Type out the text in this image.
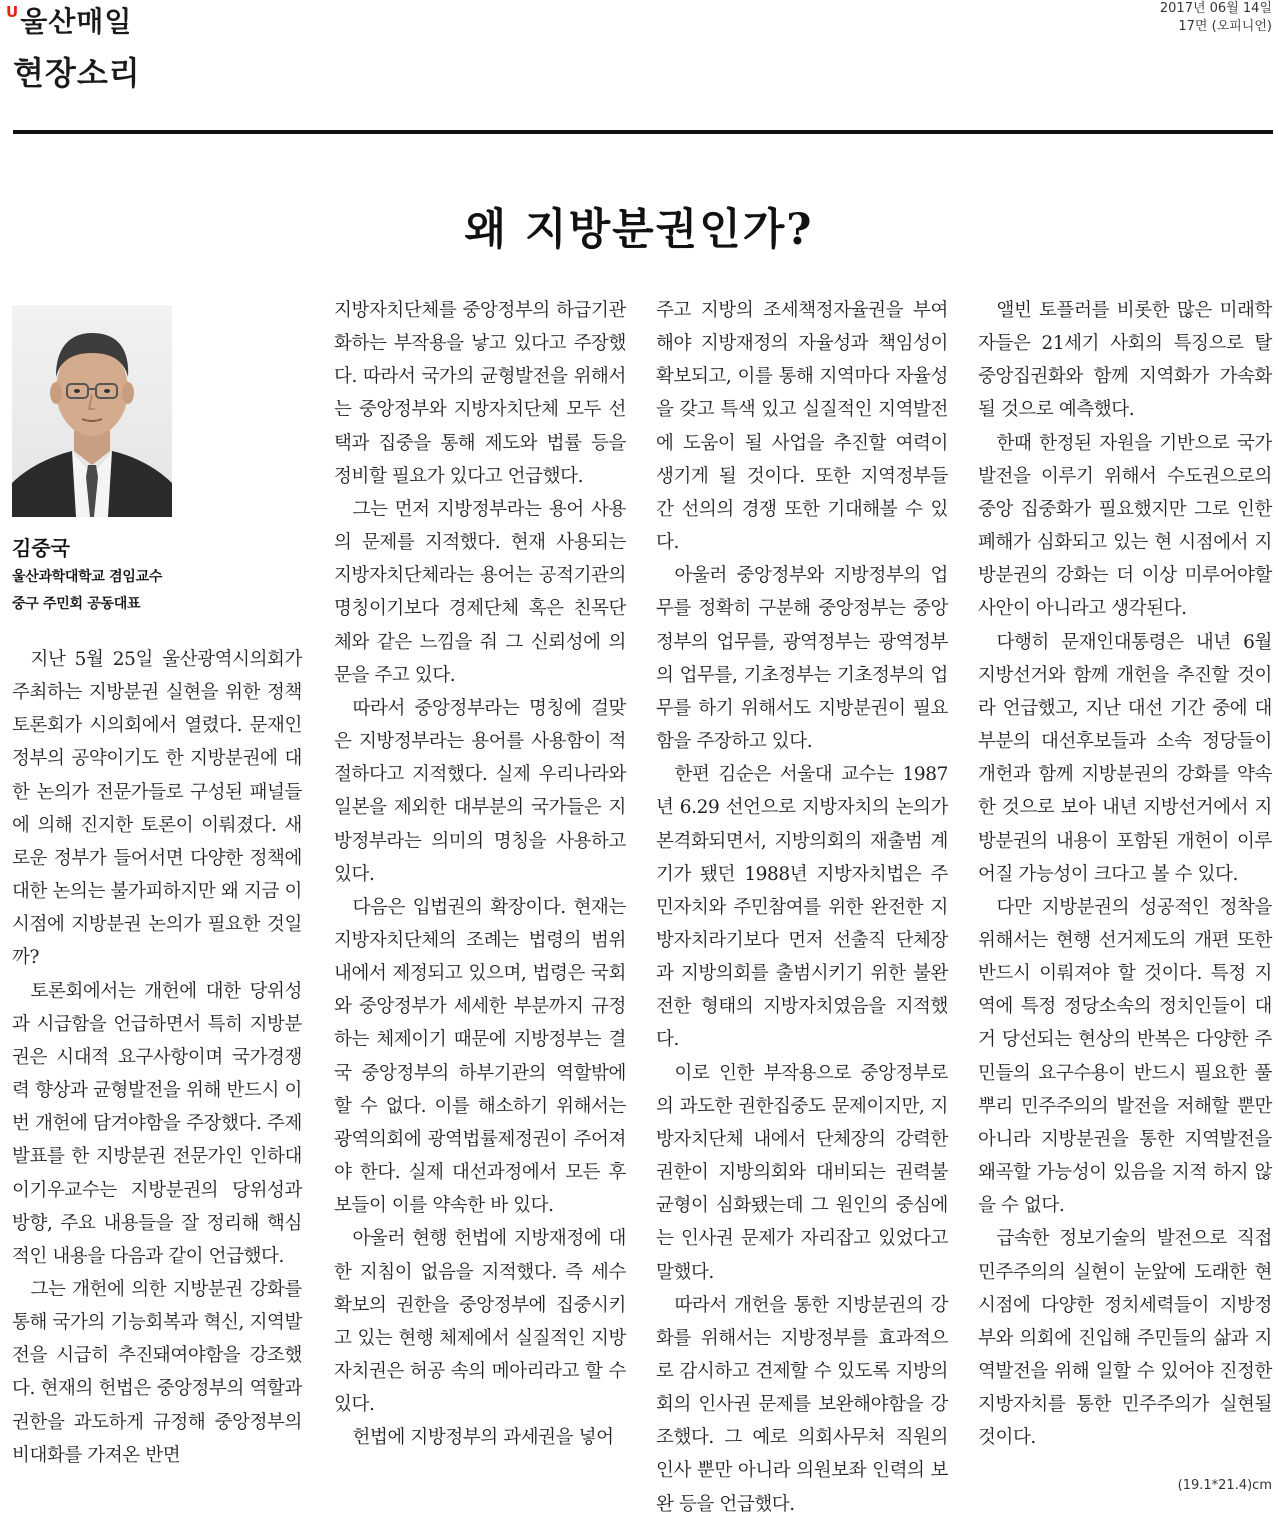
U 울산매일
현장소리
2017년 06월 14일
17면 (오피니언)
왜 지방분권인가?
김중국
울산과학대학교 겸임교수
중구 주민회 공동대표

지난 5월 25일 울산광역시의회가 주최하는 지방분권 실현을 위한 정책토론회가 시의회에서 열렸다. 문재인 정부의 공약이기도 한 지방분권에 대한 논의가 전문가들로 구성된 패널들에 의해 진지한 토론이 이뤄졌다. 새로운 정부가 들어서면 다양한 정책에 대한 논의는 불가피하지만 왜 지금 이 시점에 지방분권 논의가 필요한 것일까?

토론회에서는 개헌에 대한 당위성과 시급함을 언급하면서 특히 지방분권은 시대적 요구사항이며 국가경쟁력 향상과 균형발전을 위해 반드시 이번 개헌에 담겨야함을 주장했다. 주제발표를 한 지방분권 전문가인 인하대 이기우교수는 지방분권의 당위성과 방향, 주요 내용들을 잘 정리해 핵심적인 내용을 다음과 같이 언급했다.

그는 개헌에 의한 지방분권 강화를 통해 국가의 기능회복과 혁신, 지역발전을 시급히 추진돼여야함을 강조했다. 현재의 헌법은 중앙정부의 역할과 권한을 과도하게 규정해 중앙정부의 비대화를 가져온 반면

지방자치단체를 중앙정부의 하급기관화하는 부작용을 낳고 있다고 주장했다. 따라서 국가의 균형발전을 위해서는 중앙정부와 지방자치단체 모두 선택과 집중을 통해 제도와 법률 등을 정비할 필요가 있다고 언급했다.

그는 먼저 지방정부라는 용어 사용의 문제를 지적했다. 현재 사용되는 지방자치단체라는 용어는 공적기관의 명칭이기보다 경제단체 혹은 친목단체와 같은 느낌을 줘 그 신뢰성에 의문을 주고 있다.

따라서 중앙정부라는 명칭에 걸맞은 지방정부라는 용어를 사용함이 적절하다고 지적했다. 실제 우리나라와 일본을 제외한 대부분의 국가들은 지방정부라는 의미의 명칭을 사용하고 있다.

다음은 입법권의 확장이다. 현재는 지방자치단체의 조례는 법령의 범위 내에서 제정되고 있으며, 법령은 국회와 중앙정부가 세세한 부분까지 규정하는 체제이기 때문에 지방정부는 결국 중앙정부의 하부기관의 역할밖에 할 수 없다. 이를 해소하기 위해서는 광역의회에 광역법률제정권이 주어져야 한다. 실제 대선과정에서 모든 후보들이 이를 약속한 바 있다.

아울러 현행 헌법에 지방재정에 대한 지침이 없음을 지적했다. 즉 세수확보의 권한을 중앙정부에 집중시키고 있는 현행 체제에서 실질적인 지방자치권은 허공 속의 메아리라고 할 수 있다.

헌법에 지방정부의 과세권을 넣어

주고 지방의 조세책정자율권을 부여해야 지방재정의 자율성과 책임성이 확보되고, 이를 통해 지역마다 자율성을 갖고 특색 있고 실질적인 지역발전에 도움이 될 사업을 추진할 여력이 생기게 될 것이다. 또한 지역정부들 간 선의의 경쟁 또한 기대해볼 수 있다.

아울러 중앙정부와 지방정부의 업무를 정확히 구분해 중앙정부는 중앙정부의 업무를, 광역정부는 광역정부의 업무를, 기초정부는 기초정부의 업무를 하기 위해서도 지방분권이 필요함을 주장하고 있다.

한편 김순은 서울대 교수는 1987년 6.29 선언으로 지방자치의 논의가 본격화되면서, 지방의회의 재출범 계기가 됐던 1988년 지방자치법은 주민자치와 주민참여를 위한 완전한 지방자치라기보다 먼저 선출직 단체장과 지방의회를 출범시키기 위한 불완전한 형태의 지방자치였음을 지적했다.

이로 인한 부작용으로 중앙정부로의 과도한 권한집중도 문제이지만, 지방자치단체 내에서 단체장의 강력한 권한이 지방의회와 대비되는 권력불균형이 심화됐는데 그 원인의 중심에는 인사권 문제가 자리잡고 있었다고 말했다.

따라서 개헌을 통한 지방분권의 강화를 위해서는 지방정부를 효과적으로 감시하고 견제할 수 있도록 지방의회의 인사권 문제를 보완해야함을 강조했다. 그 예로 의회사무처 직원의 인사 뿐만 아니라 의원보좌 인력의 보완 등을 언급했다.

앨빈 토플러를 비롯한 많은 미래학자들은 21세기 사회의 특징으로 탈 중앙집권화와 함께 지역화가 가속화될 것으로 예측했다.

한때 한정된 자원을 기반으로 국가발전을 이루기 위해서 수도권으로의 중앙 집중화가 필요했지만 그로 인한 폐해가 심화되고 있는 현 시점에서 지방분권의 강화는 더 이상 미루어야할 사안이 아니라고 생각된다.

다행히 문재인대통령은 내년 6월 지방선거와 함께 개헌을 추진할 것이라 언급했고, 지난 대선 기간 중에 대부분의 대선후보들과 소속 정당들이 개헌과 함께 지방분권의 강화를 약속한 것으로 보아 내년 지방선거에서 지방분권의 내용이 포함된 개헌이 이루어질 가능성이 크다고 볼 수 있다.

다만 지방분권의 성공적인 정착을 위해서는 현행 선거제도의 개편 또한 반드시 이뤄져야 할 것이다. 특정 지역에 특정 정당소속의 정치인들이 대거 당선되는 현상의 반복은 다양한 주민들의 요구수용이 반드시 필요한 풀뿌리 민주주의의 발전을 저해할 뿐만 아니라 지방분권을 통한 지역발전을 왜곡할 가능성이 있음을 지적 하지 않을 수 없다.

급속한 정보기술의 발전으로 직접민주주의의 실현이 눈앞에 도래한 현 시점에 다양한 정치세력들이 지방정부와 의회에 진입해 주민들의 삶과 지역발전을 위해 일할 수 있어야 진정한 지방자치를 통한 민주주의가 실현될 것이다.

(19.1*21.4)cm
